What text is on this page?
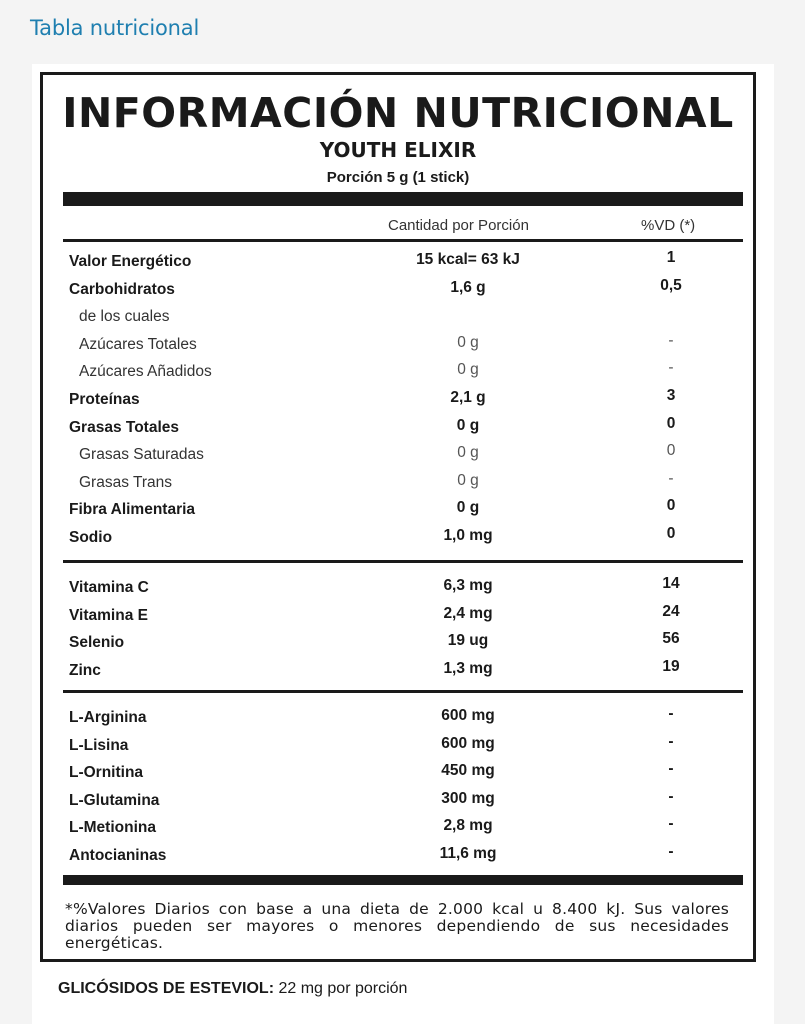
Tabla nutricional
INFORMACIÓN NUTRICIONAL
YOUTH ELIXIR
Porción 5 g (1 stick)
Cantidad por Porción	%VD (*)
Valor Energético	15 kcal= 63 kJ	1
Carbohidratos	1,6 g	0,5
de los cuales
Azúcares Totales	0 g	-
Azúcares Añadidos	0 g	-
Proteínas	2,1 g	3
Grasas Totales	0 g	0
Grasas Saturadas	0 g	0
Grasas Trans	0 g	-
Fibra Alimentaria	0 g	0
Sodio	1,0 mg	0
Vitamina C	6,3 mg	14
Vitamina E	2,4 mg	24
Selenio	19 ug	56
Zinc	1,3 mg	19
L-Arginina	600 mg	-
L-Lisina	600 mg	-
L-Ornitina	450 mg	-
L-Glutamina	300 mg	-
L-Metionina	2,8 mg	-
Antocianinas	11,6 mg	-
*%Valores Diarios con base a una dieta de 2.000 kcal u 8.400 kJ. Sus valores diarios pueden ser mayores o menores dependiendo de sus necesidades energéticas.
GLICÓSIDOS DE ESTEVIOL: 22 mg por porción
